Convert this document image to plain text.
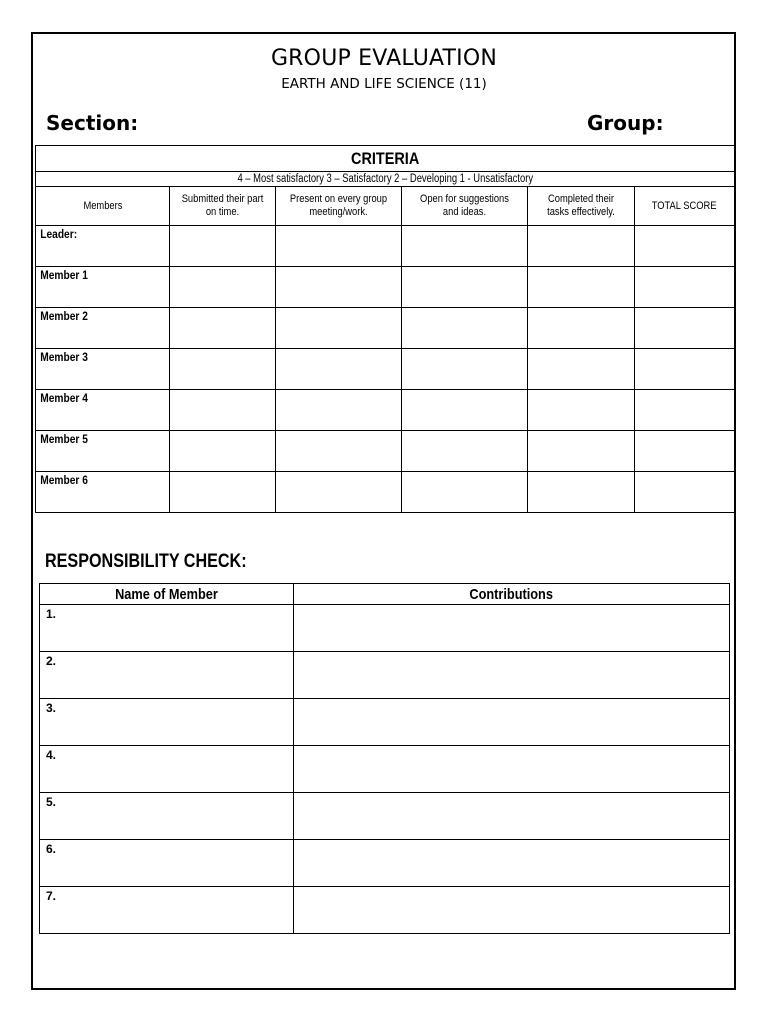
GROUP EVALUATION
EARTH AND LIFE SCIENCE (11)
Section:	Group:
CRITERIA					
4 – Most satisfactory 3 – Satisfactory 2 – Developing 1 - Unsatisfactory					
Members	Submitted their part on time.	Present on every group meeting/work.	Open for suggestions and ideas.	Completed their tasks effectively.	TOTAL SCORE
Leader:					
Member 1					
Member 2					
Member 3					
Member 4					
Member 5					
Member 6					
RESPONSIBILITY CHECK:
Name of Member	Contributions
1.	
2.	
3.	
4.	
5.	
6.	
7.	
